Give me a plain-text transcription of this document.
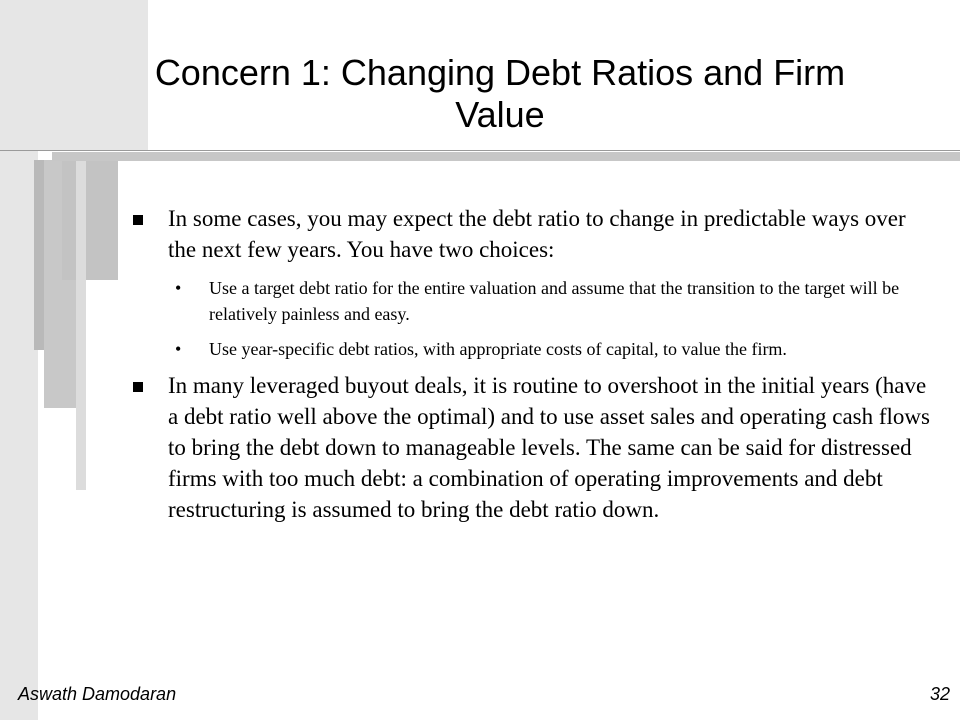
Concern 1: Changing Debt Ratios and Firm Value
In some cases, you may expect the debt ratio to change in predictable ways over the next few years. You have two choices:
• Use a target debt ratio for the entire valuation and assume that the transition to the target will be relatively painless and easy.
• Use year-specific debt ratios, with appropriate costs of capital, to value the firm.
In many leveraged buyout deals, it is routine to overshoot in the initial years (have a debt ratio well above the optimal) and to use asset sales and operating cash flows to bring the debt down to manageable levels. The same can be said for distressed firms with too much debt: a combination of operating improvements and debt restructuring is assumed to bring the debt ratio down.
Aswath Damodaran	32
